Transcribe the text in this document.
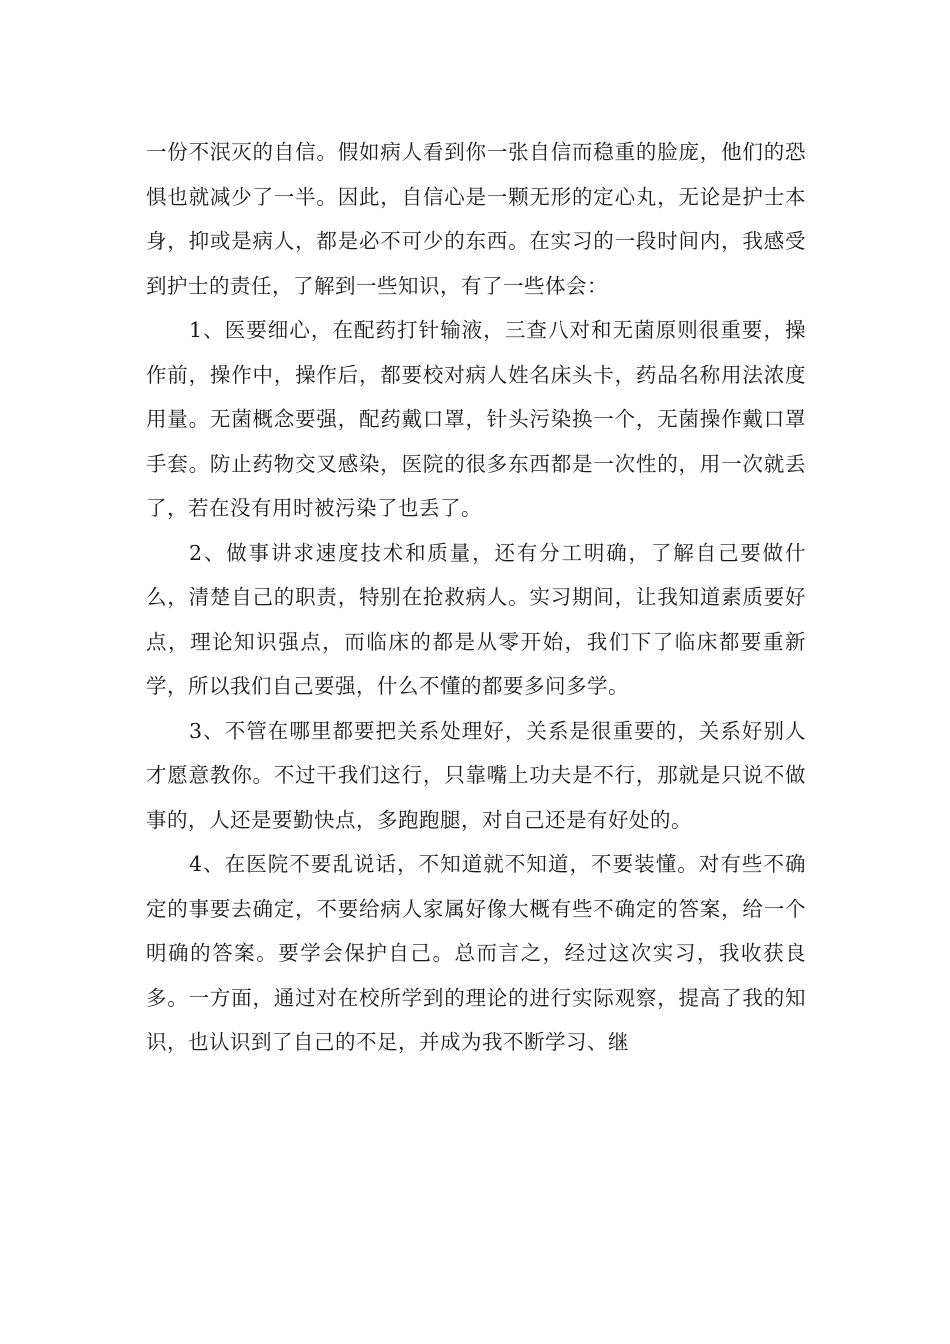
一份不泯灭的自信。假如病人看到你一张自信而稳重的脸庞，他们的恐惧也就减少了一半。因此，自信心是一颗无形的定心丸，无论是护士本身，抑或是病人，都是必不可少的东西。在实习的一段时间内，我感受到护士的责任，了解到一些知识，有了一些体会：

1、医要细心，在配药打针输液，三查八对和无菌原则很重要，操作前，操作中，操作后，都要校对病人姓名床头卡，药品名称用法浓度用量。无菌概念要强，配药戴口罩，针头污染换一个，无菌操作戴口罩手套。防止药物交叉感染，医院的很多东西都是一次性的，用一次就丢了，若在没有用时被污染了也丢了。

2、做事讲求速度技术和质量，还有分工明确，了解自己要做什么，清楚自己的职责，特别在抢救病人。实习期间，让我知道素质要好点，理论知识强点，而临床的都是从零开始，我们下了临床都要重新学，所以我们自己要强，什么不懂的都要多问多学。

3、不管在哪里都要把关系处理好，关系是很重要的，关系好别人才愿意教你。不过干我们这行，只靠嘴上功夫是不行，那就是只说不做事的，人还是要勤快点，多跑跑腿，对自己还是有好处的。

4、在医院不要乱说话，不知道就不知道，不要装懂。对有些不确定的事要去确定，不要给病人家属好像大概有些不确定的答案，给一个明确的答案。要学会保护自己。总而言之，经过这次实习，我收获良多。一方面，通过对在校所学到的理论的进行实际观察，提高了我的知识，也认识到了自己的不足，并成为我不断学习、继
